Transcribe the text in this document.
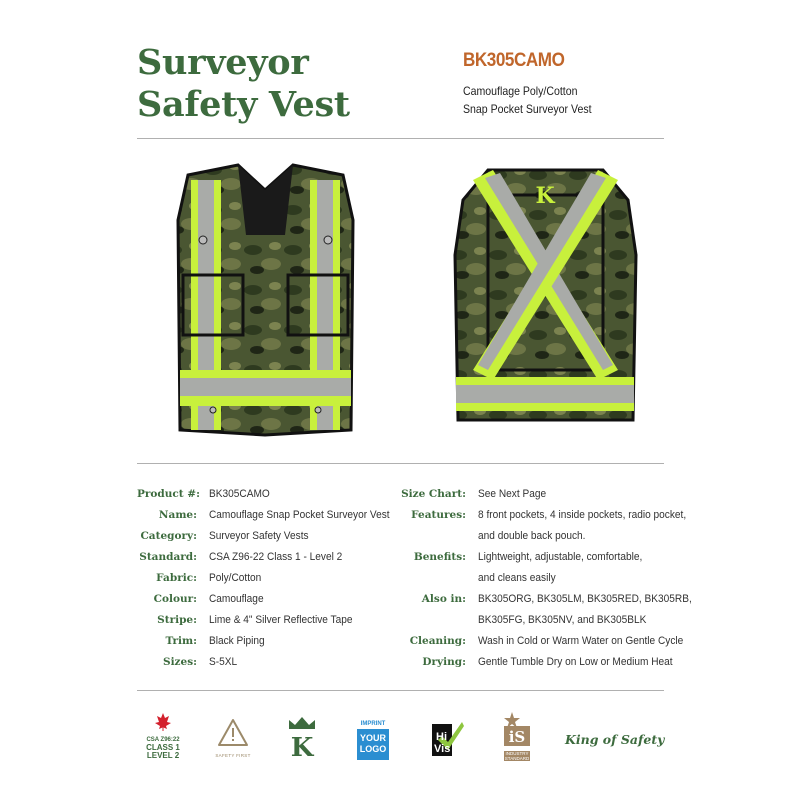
Surveyor
Safety Vest
BK305CAMO
Camouflage Poly/Cotton
Snap Pocket Surveyor Vest
K
Product #: BK305CAMO
Name: Camouflage Snap Pocket Surveyor Vest
Category: Surveyor Safety Vests
Standard: CSA Z96-22 Class 1 - Level 2
Fabric: Poly/Cotton
Colour: Camouflage
Stripe: Lime & 4" Silver Reflective Tape
Trim: Black Piping
Sizes: S-5XL
Size Chart: See Next Page
Features: 8 front pockets, 4 inside pockets, radio pocket,
and double back pouch.
Benefits: Lightweight, adjustable, comfortable,
and cleans easily
Also in: BK305ORG, BK305LM, BK305RED, BK305RB,
BK305FG, BK305NV, and BK305BLK
Cleaning: Wash in Cold or Warm Water on Gentle Cycle
Drying: Gentle Tumble Dry on Low or Medium Heat
CSA Z96:22
CLASS 1
LEVEL 2	SAFETY FIRST K
IMPRINT
YOUR
LOGO
Hi
Vis
iS
INDUSTRY
STANDARD
King of Safety
